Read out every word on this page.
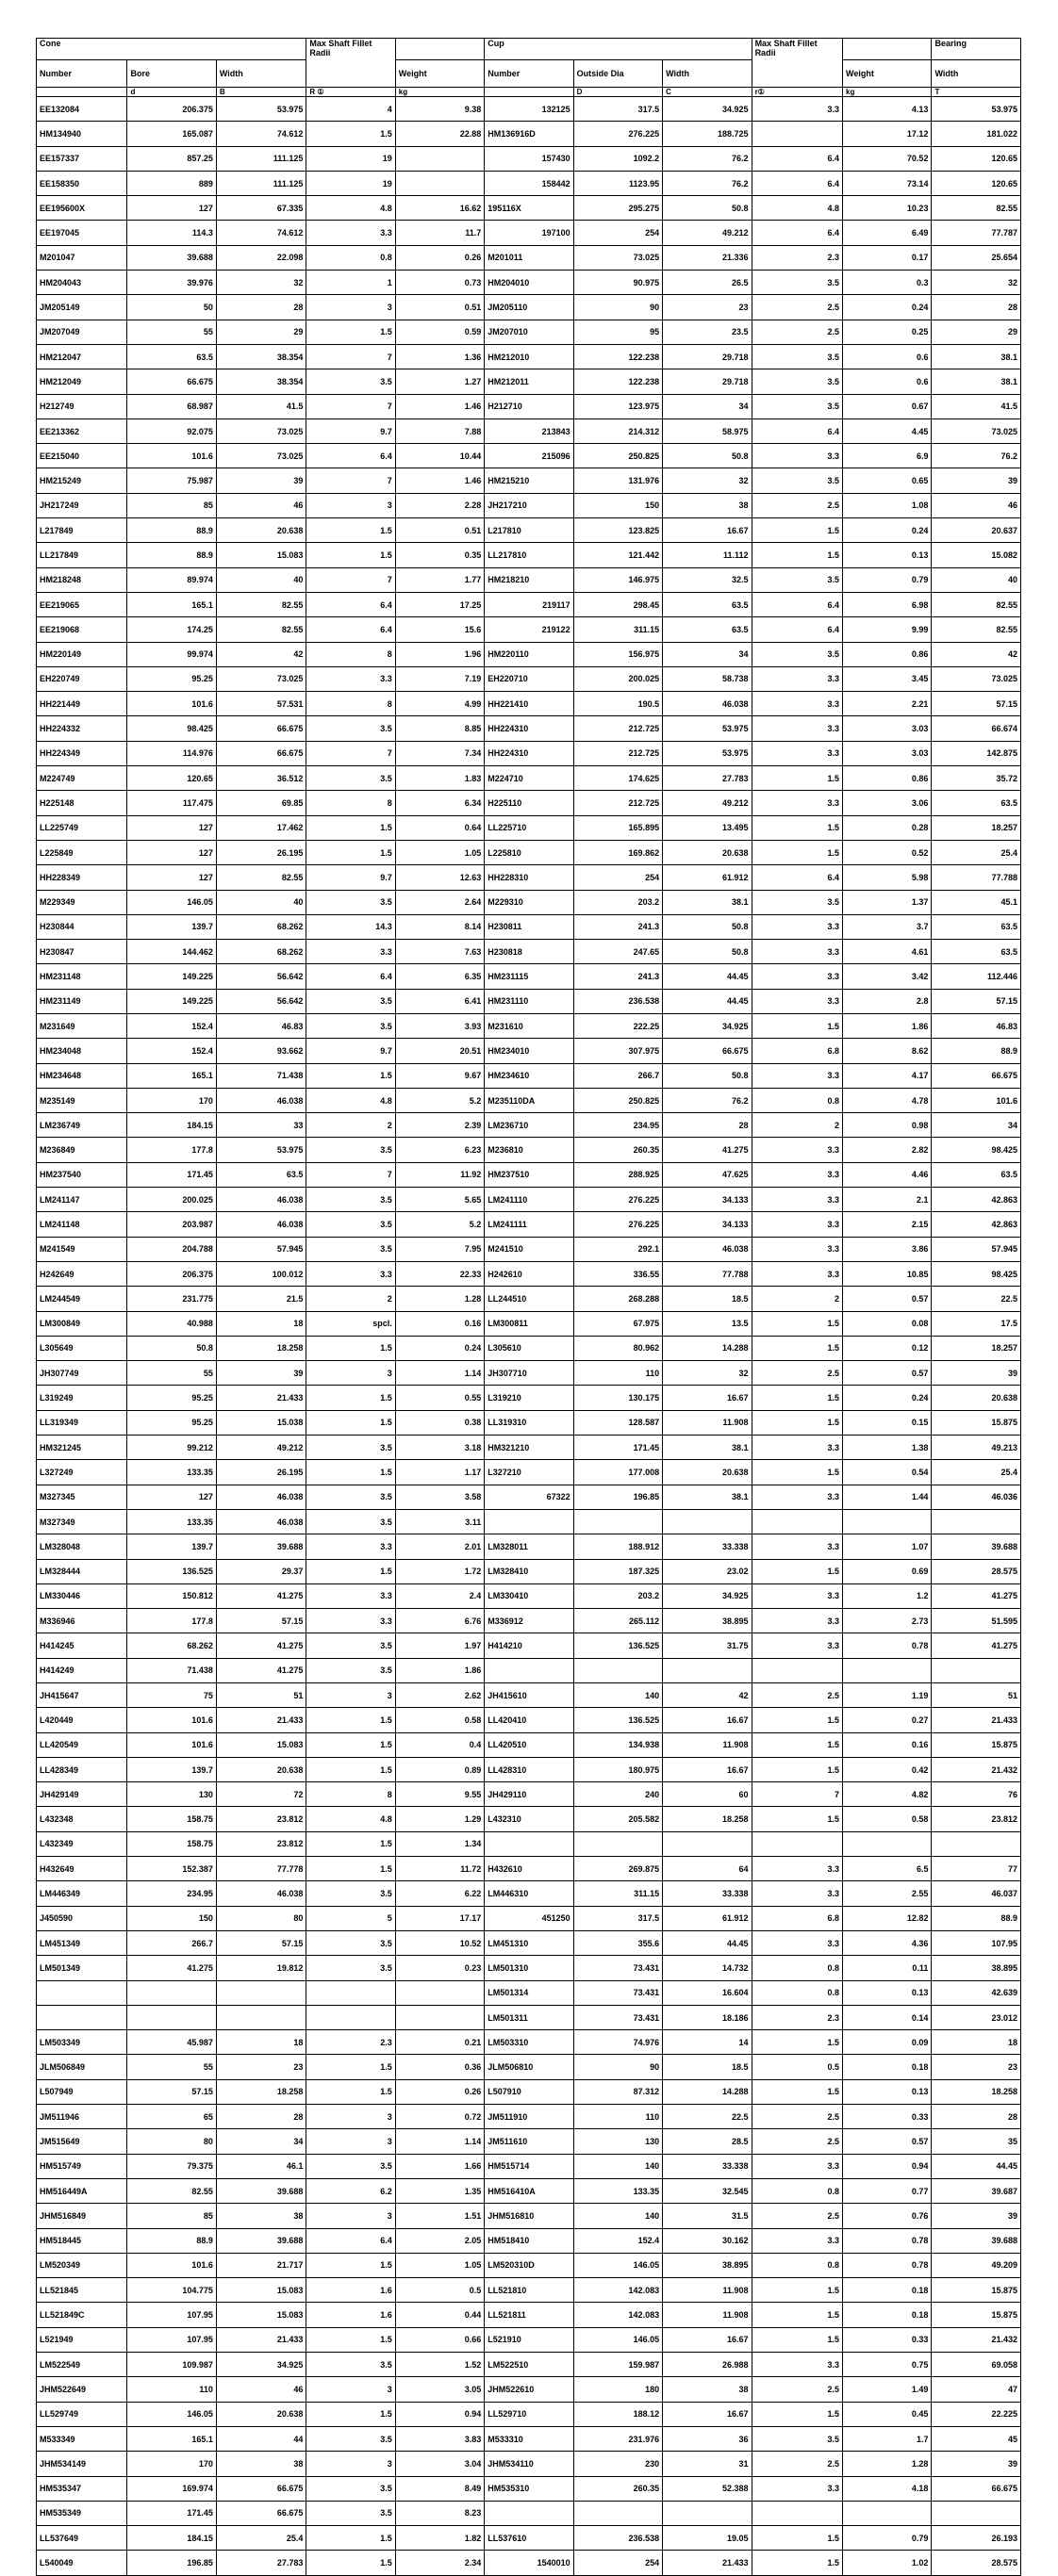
Cone			Max Shaft Fillet Radii		Cup			Max Shaft Fillet Radii		Bearing
Number	Bore	Width		Weight	Number	Outside Dia	Width		Weight	Width
	d	B	R ①	kg		D	C	r①	kg	T
EE132084	206.375	53.975	4	9.38	132125	317.5	34.925	3.3	4.13	53.975
HM134940	165.087	74.612	1.5	22.88	HM136916D	276.225	188.725		17.12	181.022
EE157337	857.25	111.125	19		157430	1092.2	76.2	6.4	70.52	120.65
EE158350	889	111.125	19		158442	1123.95	76.2	6.4	73.14	120.65
EE195600X	127	67.335	4.8	16.62	195116X	295.275	50.8	4.8	10.23	82.55
EE197045	114.3	74.612	3.3	11.7	197100	254	49.212	6.4	6.49	77.787
M201047	39.688	22.098	0.8	0.26	M201011	73.025	21.336	2.3	0.17	25.654
HM204043	39.976	32	1	0.73	HM204010	90.975	26.5	3.5	0.3	32
JM205149	50	28	3	0.51	JM205110	90	23	2.5	0.24	28
JM207049	55	29	1.5	0.59	JM207010	95	23.5	2.5	0.25	29
HM212047	63.5	38.354	7	1.36	HM212010	122.238	29.718	3.5	0.6	38.1
HM212049	66.675	38.354	3.5	1.27	HM212011	122.238	29.718	3.5	0.6	38.1
H212749	68.987	41.5	7	1.46	H212710	123.975	34	3.5	0.67	41.5
EE213362	92.075	73.025	9.7	7.88	213843	214.312	58.975	6.4	4.45	73.025
EE215040	101.6	73.025	6.4	10.44	215096	250.825	50.8	3.3	6.9	76.2
HM215249	75.987	39	7	1.46	HM215210	131.976	32	3.5	0.65	39
JH217249	85	46	3	2.28	JH217210	150	38	2.5	1.08	46
L217849	88.9	20.638	1.5	0.51	L217810	123.825	16.67	1.5	0.24	20.637
LL217849	88.9	15.083	1.5	0.35	LL217810	121.442	11.112	1.5	0.13	15.082
HM218248	89.974	40	7	1.77	HM218210	146.975	32.5	3.5	0.79	40
EE219065	165.1	82.55	6.4	17.25	219117	298.45	63.5	6.4	6.98	82.55
EE219068	174.25	82.55	6.4	15.6	219122	311.15	63.5	6.4	9.99	82.55
HM220149	99.974	42	8	1.96	HM220110	156.975	34	3.5	0.86	42
EH220749	95.25	73.025	3.3	7.19	EH220710	200.025	58.738	3.3	3.45	73.025
HH221449	101.6	57.531	8	4.99	HH221410	190.5	46.038	3.3	2.21	57.15
HH224332	98.425	66.675	3.5	8.85	HH224310	212.725	53.975	3.3	3.03	66.674
HH224349	114.976	66.675	7	7.34	HH224310	212.725	53.975	3.3	3.03	142.875
M224749	120.65	36.512	3.5	1.83	M224710	174.625	27.783	1.5	0.86	35.72
H225148	117.475	69.85	8	6.34	H225110	212.725	49.212	3.3	3.06	63.5
LL225749	127	17.462	1.5	0.64	LL225710	165.895	13.495	1.5	0.28	18.257
L225849	127	26.195	1.5	1.05	L225810	169.862	20.638	1.5	0.52	25.4
HH228349	127	82.55	9.7	12.63	HH228310	254	61.912	6.4	5.98	77.788
M229349	146.05	40	3.5	2.64	M229310	203.2	38.1	3.5	1.37	45.1
H230844	139.7	68.262	14.3	8.14	H230811	241.3	50.8	3.3	3.7	63.5
H230847	144.462	68.262	3.3	7.63	H230818	247.65	50.8	3.3	4.61	63.5
HM231148	149.225	56.642	6.4	6.35	HM231115	241.3	44.45	3.3	3.42	112.446
HM231149	149.225	56.642	3.5	6.41	HM231110	236.538	44.45	3.3	2.8	57.15
M231649	152.4	46.83	3.5	3.93	M231610	222.25	34.925	1.5	1.86	46.83
HM234048	152.4	93.662	9.7	20.51	HM234010	307.975	66.675	6.8	8.62	88.9
HM234648	165.1	71.438	1.5	9.67	HM234610	266.7	50.8	3.3	4.17	66.675
M235149	170	46.038	4.8	5.2	M235110DA	250.825	76.2	0.8	4.78	101.6
LM236749	184.15	33	2	2.39	LM236710	234.95	28	2	0.98	34
M236849	177.8	53.975	3.5	6.23	M236810	260.35	41.275	3.3	2.82	98.425
HM237540	171.45	63.5	7	11.92	HM237510	288.925	47.625	3.3	4.46	63.5
LM241147	200.025	46.038	3.5	5.65	LM241110	276.225	34.133	3.3	2.1	42.863
LM241148	203.987	46.038	3.5	5.2	LM241111	276.225	34.133	3.3	2.15	42.863
M241549	204.788	57.945	3.5	7.95	M241510	292.1	46.038	3.3	3.86	57.945
H242649	206.375	100.012	3.3	22.33	H242610	336.55	77.788	3.3	10.85	98.425
LM244549	231.775	21.5	2	1.28	LL244510	268.288	18.5	2	0.57	22.5
LM300849	40.988	18	spcl.	0.16	LM300811	67.975	13.5	1.5	0.08	17.5
L305649	50.8	18.258	1.5	0.24	L305610	80.962	14.288	1.5	0.12	18.257
JH307749	55	39	3	1.14	JH307710	110	32	2.5	0.57	39
L319249	95.25	21.433	1.5	0.55	L319210	130.175	16.67	1.5	0.24	20.638
LL319349	95.25	15.038	1.5	0.38	LL319310	128.587	11.908	1.5	0.15	15.875
HM321245	99.212	49.212	3.5	3.18	HM321210	171.45	38.1	3.3	1.38	49.213
L327249	133.35	26.195	1.5	1.17	L327210	177.008	20.638	1.5	0.54	25.4
M327345	127	46.038	3.5	3.58	67322	196.85	38.1	3.3	1.44	46.036
M327349	133.35	46.038	3.5	3.11						
LM328048	139.7	39.688	3.3	2.01	LM328011	188.912	33.338	3.3	1.07	39.688
LM328444	136.525	29.37	1.5	1.72	LM328410	187.325	23.02	1.5	0.69	28.575
LM330446	150.812	41.275	3.3	2.4	LM330410	203.2	34.925	3.3	1.2	41.275
M336946	177.8	57.15	3.3	6.76	M336912	265.112	38.895	3.3	2.73	51.595
H414245	68.262	41.275	3.5	1.97	H414210	136.525	31.75	3.3	0.78	41.275
H414249	71.438	41.275	3.5	1.86						
JH415647	75	51	3	2.62	JH415610	140	42	2.5	1.19	51
L420449	101.6	21.433	1.5	0.58	LL420410	136.525	16.67	1.5	0.27	21.433
LL420549	101.6	15.083	1.5	0.4	LL420510	134.938	11.908	1.5	0.16	15.875
LL428349	139.7	20.638	1.5	0.89	LL428310	180.975	16.67	1.5	0.42	21.432
JH429149	130	72	8	9.55	JH429110	240	60	7	4.82	76
L432348	158.75	23.812	4.8	1.29	L432310	205.582	18.258	1.5	0.58	23.812
L432349	158.75	23.812	1.5	1.34						
H432649	152.387	77.778	1.5	11.72	H432610	269.875	64	3.3	6.5	77
LM446349	234.95	46.038	3.5	6.22	LM446310	311.15	33.338	3.3	2.55	46.037
J450590	150	80	5	17.17	451250	317.5	61.912	6.8	12.82	88.9
LM451349	266.7	57.15	3.5	10.52	LM451310	355.6	44.45	3.3	4.36	107.95
LM501349	41.275	19.812	3.5	0.23	LM501310	73.431	14.732	0.8	0.11	38.895
					LM501314	73.431	16.604	0.8	0.13	42.639
					LM501311	73.431	18.186	2.3	0.14	23.012
LM503349	45.987	18	2.3	0.21	LM503310	74.976	14	1.5	0.09	18
JLM506849	55	23	1.5	0.36	JLM506810	90	18.5	0.5	0.18	23
L507949	57.15	18.258	1.5	0.26	L507910	87.312	14.288	1.5	0.13	18.258
JM511946	65	28	3	0.72	JM511910	110	22.5	2.5	0.33	28
JM515649	80	34	3	1.14	JM511610	130	28.5	2.5	0.57	35
HM515749	79.375	46.1	3.5	1.66	HM515714	140	33.338	3.3	0.94	44.45
HM516449A	82.55	39.688	6.2	1.35	HM516410A	133.35	32.545	0.8	0.77	39.687
JHM516849	85	38	3	1.51	JHM516810	140	31.5	2.5	0.76	39
HM518445	88.9	39.688	6.4	2.05	HM518410	152.4	30.162	3.3	0.78	39.688
LM520349	101.6	21.717	1.5	1.05	LM520310D	146.05	38.895	0.8	0.78	49.209
LL521845	104.775	15.083	1.6	0.5	LL521810	142.083	11.908	1.5	0.18	15.875
LL521849C	107.95	15.083	1.6	0.44	LL521811	142.083	11.908	1.5	0.18	15.875
L521949	107.95	21.433	1.5	0.66	L521910	146.05	16.67	1.5	0.33	21.432
LM522549	109.987	34.925	3.5	1.52	LM522510	159.987	26.988	3.3	0.75	69.058
JHM522649	110	46	3	3.05	JHM522610	180	38	2.5	1.49	47
LL529749	146.05	20.638	1.5	0.94	LL529710	188.12	16.67	1.5	0.45	22.225
M533349	165.1	44	3.5	3.83	M533310	231.976	36	3.5	1.7	45
JHM534149	170	38	3	3.04	JHM534110	230	31	2.5	1.28	39
HM535347	169.974	66.675	3.5	8.49	HM535310	260.35	52.388	3.3	4.18	66.675
HM535349	171.45	66.675	3.5	8.23						
LL537649	184.15	25.4	1.5	1.82	LL537610	236.538	19.05	1.5	0.79	26.193
L540049	196.85	27.783	1.5	2.34	1540010	254	21.433	1.5	1.02	28.575
